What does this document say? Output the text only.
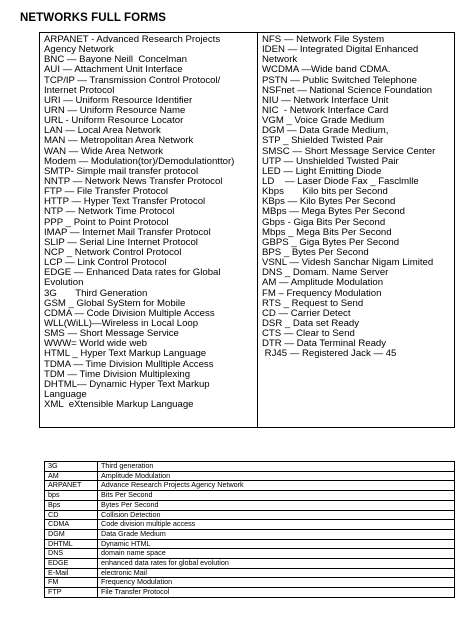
NETWORKS FULL FORMS
ARPANET - Advanced Research Projects
Agency Network
BNC — Bayone Neill  Concelman
AUI — Attachment Unit Interface
TCP/IP — Transmission Control Protocol/
Internet Protocol
URI — Uniform Resource Identifier
URN — Uniform Resource Name
URL - Uniform Resource Locator
LAN — Local Area Network
MAN — Metropolitan Area Network
WAN — Wide Area Network
Modem — Modulation(tor)/Demodulationttor)
SMTP- Simple mail transfer protocol
NNTP — Network News Transfer Protocol
FTP — File Transfer Protocol
HTTP — Hyper Text Transfer Protocol
NTP — Network Time Protocol
PPP _ Point to Point Protocol
IMAP — Internet Mail Transfer Protocol
SLIP — Serial Line Internet Protocol
NCP _ Network Control Protocol
LCP — Link Control Protocol
EDGE — Enhanced Data rates for Global
Evolution
3G       Third Generation
GSM _ Global SyStem for Mobile
CDMA — Code Division Multiple Access
WLL(WiLL)—Wireless in Local Loop
SMS — Short Message Service
WWW= World wide web
HTML _ Hyper Text Markup Language
TDMA — Time Division Mulltiple Access
TDM — Time Division Multiplexing
DHTML— Dynamic Hyper Text Markup
Language
XML  eXtensible Markup Language
NFS — Network File System
IDEN — Integrated Digital Enhanced
Network
WCDMA —Wide band CDMA.
PSTN — Public Switched Telephone
NSFnet — National Science Foundation
NIU — Network Interface Unit
NIC  - Network Interface Card
VGM _ Voice Grade Medium
DGM — Data Grade Medium,
STP _ Shielded Twisted Pair
SMSC — Short Message Service Center
UTP — Unshielded Twisted Pair
LED — Light Emitting Diode
LD    — Laser Diode Fax _ Fasclmlle
Kbps       Kilo bits per Second
KBps — Kilo Bytes Per Second
MBps — Mega Bytes Per Second
Gbps - Giga Bits Per Second
Mbps _ Mega Bits Per Second
GBPS _ Giga Bytes Per Second
BPS _ Bytes Per Second
VSNL — Videsh Sanchar Nigam Limited
DNS _ Domam. Name Server
AM — Amplitude Modulation
FM – Frequency Modulation
RTS _ Request to Send
CD — Carrier Detect
DSR _ Data set Ready
CTS — Clear to Send
DTR — Data Terminal Ready
RJ45 — Registered Jack — 45
3G	Third generation
AM	Amplitude Modulation
ARPANET	Advance Research Projects Agency Network
bps	Bits Per Second
Bps	Bytes Per Second
CD	Collision Detection
CDMA	Code division multiple access
DGM	Data Grade Medium
DHTML	Dynamic HTML
DNS	domain name space
EDGE	enhanced data rates for global evolution
E-Mail	electronic Mail
FM	Frequency Modulation
FTP	File Transfer Protocol
